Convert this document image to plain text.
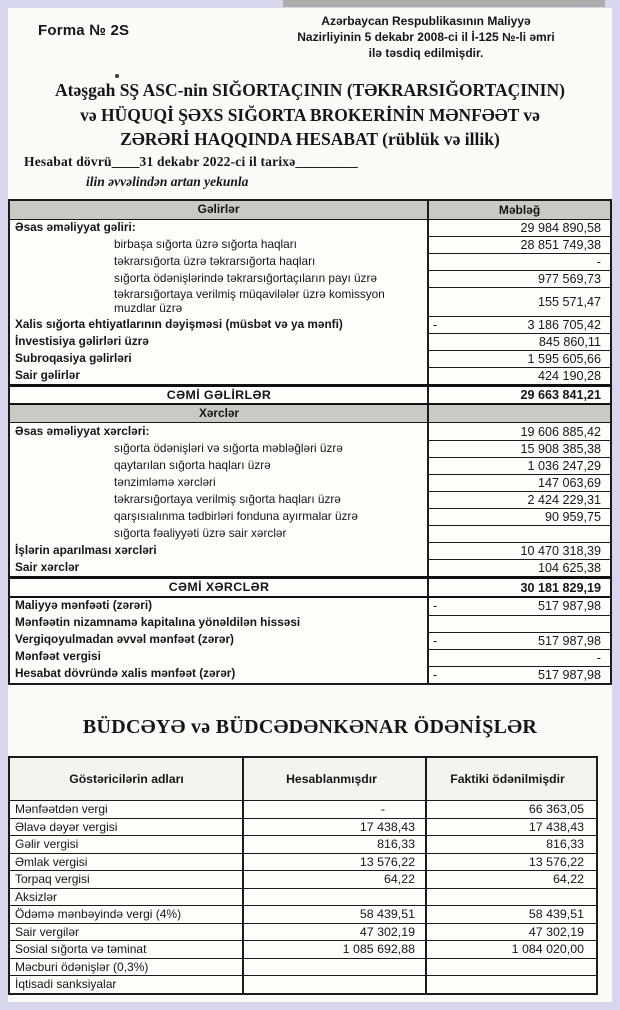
Forma № 2S
Azərbaycan Respublikasının Maliyyə
Nazirliyinin 5 dekabr 2008-ci il İ-125 №-li əmri
ilə təsdiq edilmişdir.
Atəşgah SŞ ASC-nin SIĞORTAÇININ (TƏKRARSIĞORTAÇININ)
və HÜQUQİ ŞƏXS SIĞORTA BROKERİNİN MƏNFƏƏT və
ZƏRƏRİ HAQQINDA HESABAT (rüblük və illik)
Hesabat dövrü____31 dekabr 2022-ci il tarixə_________
ilin əvvəlindən artan yekunla
Gəlirlər	Məbləğ
Əsas əməliyyat gəliri:	29 984 890,58
birbaşa sığorta üzrə sığorta haqları	28 851 749,38
təkrarsığorta üzrə təkrarsığorta haqları	-
sığorta ödənişlərində təkrarsığortaçıların payı üzrə	977 569,73
təkrarsığortaya verilmiş müqavilələr üzrə komissyon muzdlar üzrə	155 571,47
Xalis sığorta ehtiyatlarının dəyişməsi (müsbət və ya mənfi)	-	3 186 705,42
İnvestisiya gəlirləri üzrə	845 860,11
Subroqasiya gəlirləri	1 595 605,66
Sair gəlirlər	424 190,28
CƏMİ GƏLİRLƏR	29 663 841,21
Xərclər
Əsas əməliyyat xərcləri:	19 606 885,42
sığorta ödənişləri və sığorta məbləğləri üzrə	15 908 385,38
qaytarılan sığorta haqları üzrə	1 036 247,29
tənzimləmə xərcləri	147 063,69
təkrarsığortaya verilmiş sığorta haqları üzrə	2 424 229,31
qarşısıalınma tədbirləri fonduna ayırmalar üzrə	90 959,75
sığorta fəaliyyəti üzrə sair xərclər
İşlərin aparılması xərcləri	10 470 318,39
Sair xərclər	104 625,38
CƏMİ XƏRCLƏR	30 181 829,19
Maliyyə mənfəəti (zərəri)	-	517 987,98
Mənfəətin nizamnamə kapitalına yönəldilən hissəsi
Vergiqoyulmadan əvvəl mənfəət (zərər)	-	517 987,98
Mənfəət vergisi	-
Hesabat dövründə xalis mənfəət (zərər)	-	517 987,98
BÜDCƏYƏ və BÜDCƏDƏNKƏNAR ÖDƏNİŞLƏR
Göstəricilərin adları	Hesablanmışdır	Faktiki ödənilmişdir
Mənfəətdən vergi	-	66 363,05
Əlavə dəyər vergisi	17 438,43	17 438,43
Gəlir vergisi	816,33	816,33
Əmlak vergisi	13 576,22	13 576,22
Torpaq vergisi	64,22	64,22
Aksizlər
Ödəmə mənbəyində vergi (4%)	58 439,51	58 439,51
Sair vergilər	47 302,19	47 302,19
Sosial sığorta və təminat	1 085 692,88	1 084 020,00
Məcburi ödənişlər (0,3%)
İqtisadi sanksiyalar
